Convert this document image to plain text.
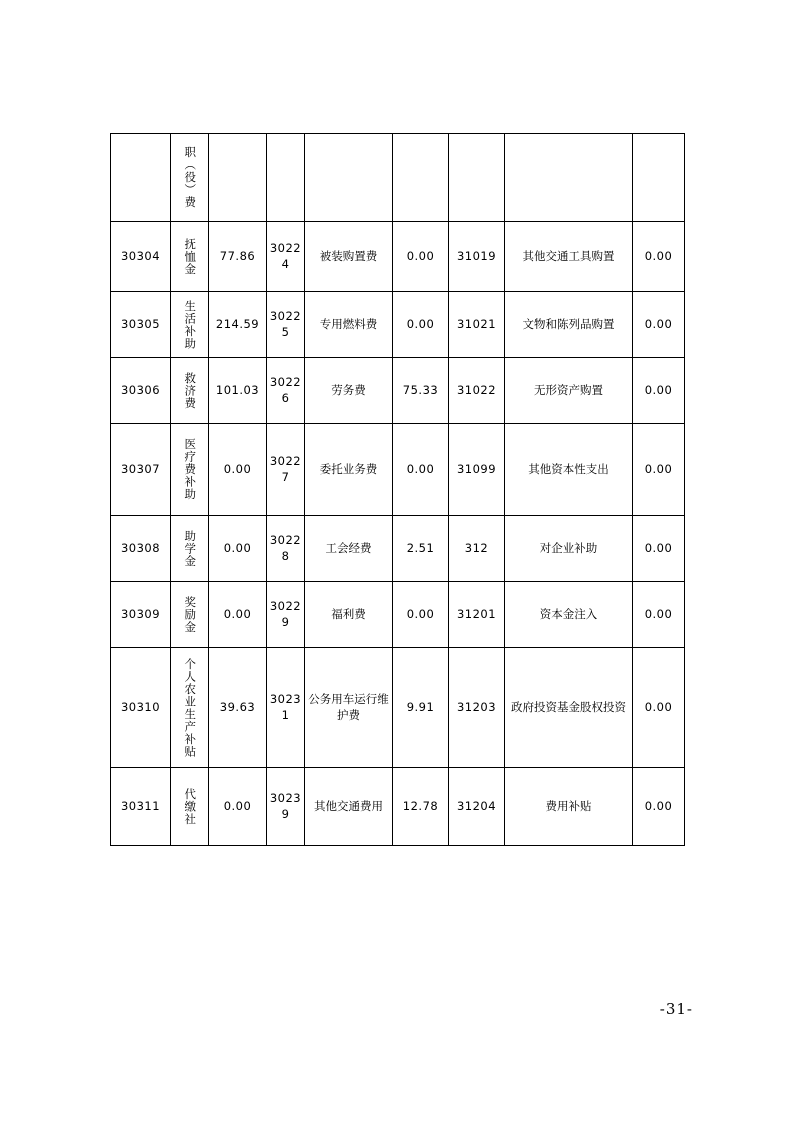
	职（役）费							
30304	抚恤金	77.86	30224	被装购置费	0.00	31019	其他交通工具购置	0.00
30305	生活补助	214.59	30225	专用燃料费	0.00	31021	文物和陈列品购置	0.00
30306	救济费	101.03	30226	劳务费	75.33	31022	无形资产购置	0.00
30307	医疗费补助	0.00	30227	委托业务费	0.00	31099	其他资本性支出	0.00
30308	助学金	0.00	30228	工会经费	2.51	312	对企业补助	0.00
30309	奖励金	0.00	30229	福利费	0.00	31201	资本金注入	0.00
30310	个人农业生产补贴	39.63	30231	公务用车运行维护费	9.91	31203	政府投资基金股权投资	0.00
30311	代缴社	0.00	30239	其他交通费用	12.78	31204	费用补贴	0.00
-31-
